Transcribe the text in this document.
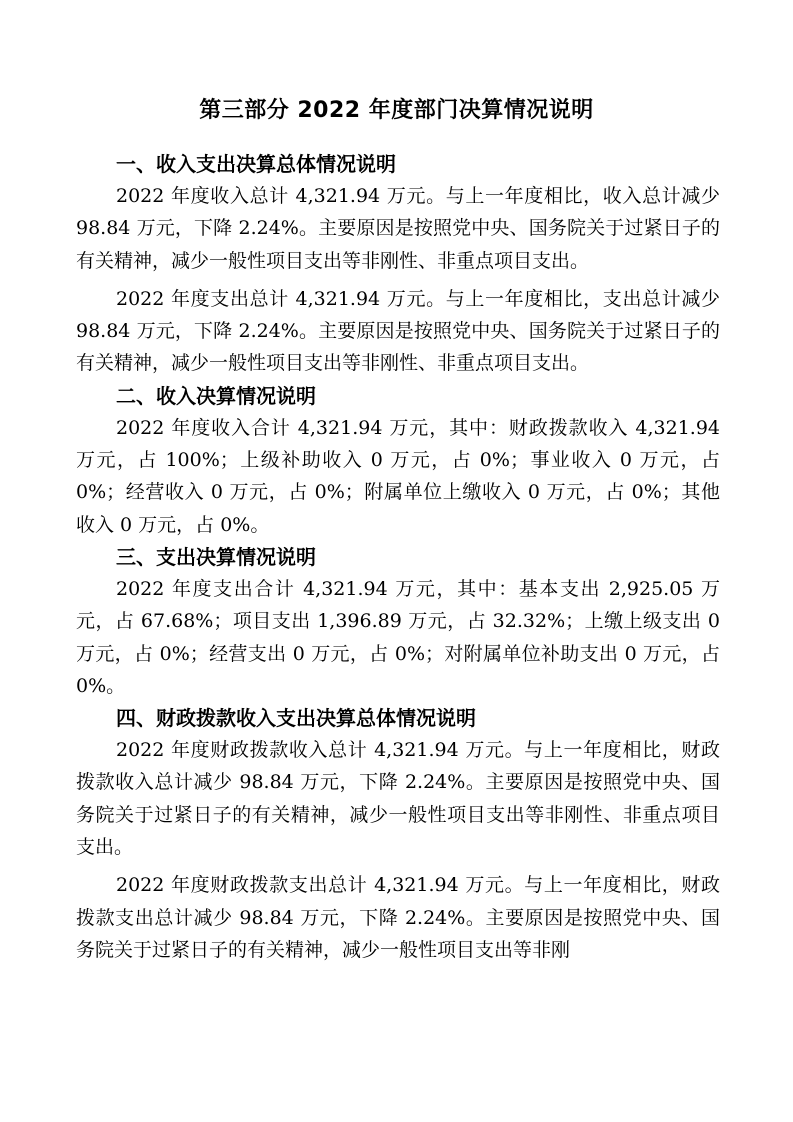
第三部分 2022 年度部门决算情况说明
一、收入支出决算总体情况说明

2022 年度收入总计 4,321.94 万元。与上一年度相比，收入总计减少 98.84 万元，下降 2.24%。主要原因是按照党中央、国务院关于过紧日子的有关精神，减少一般性项目支出等非刚性、非重点项目支出。

2022 年度支出总计 4,321.94 万元。与上一年度相比，支出总计减少 98.84 万元，下降 2.24%。主要原因是按照党中央、国务院关于过紧日子的有关精神，减少一般性项目支出等非刚性、非重点项目支出。

二、收入决算情况说明

2022 年度收入合计 4,321.94 万元，其中：财政拨款收入 4,321.94 万元，占 100%；上级补助收入 0 万元，占 0%；事业收入 0 万元，占 0%；经营收入 0 万元，占 0%；附属单位上缴收入 0 万元，占 0%；其他收入 0 万元，占 0%。

三、支出决算情况说明

2022 年度支出合计 4,321.94 万元，其中：基本支出 2,925.05 万元，占 67.68%；项目支出 1,396.89 万元，占 32.32%；上缴上级支出 0 万元，占 0%；经营支出 0 万元，占 0%；对附属单位补助支出 0 万元，占 0%。

四、财政拨款收入支出决算总体情况说明

2022 年度财政拨款收入总计 4,321.94 万元。与上一年度相比，财政拨款收入总计减少 98.84 万元，下降 2.24%。主要原因是按照党中央、国务院关于过紧日子的有关精神，减少一般性项目支出等非刚性、非重点项目支出。

2022 年度财政拨款支出总计 4,321.94 万元。与上一年度相比，财政拨款支出总计减少 98.84 万元，下降 2.24%。主要原因是按照党中央、国务院关于过紧日子的有关精神，减少一般性项目支出等非刚
